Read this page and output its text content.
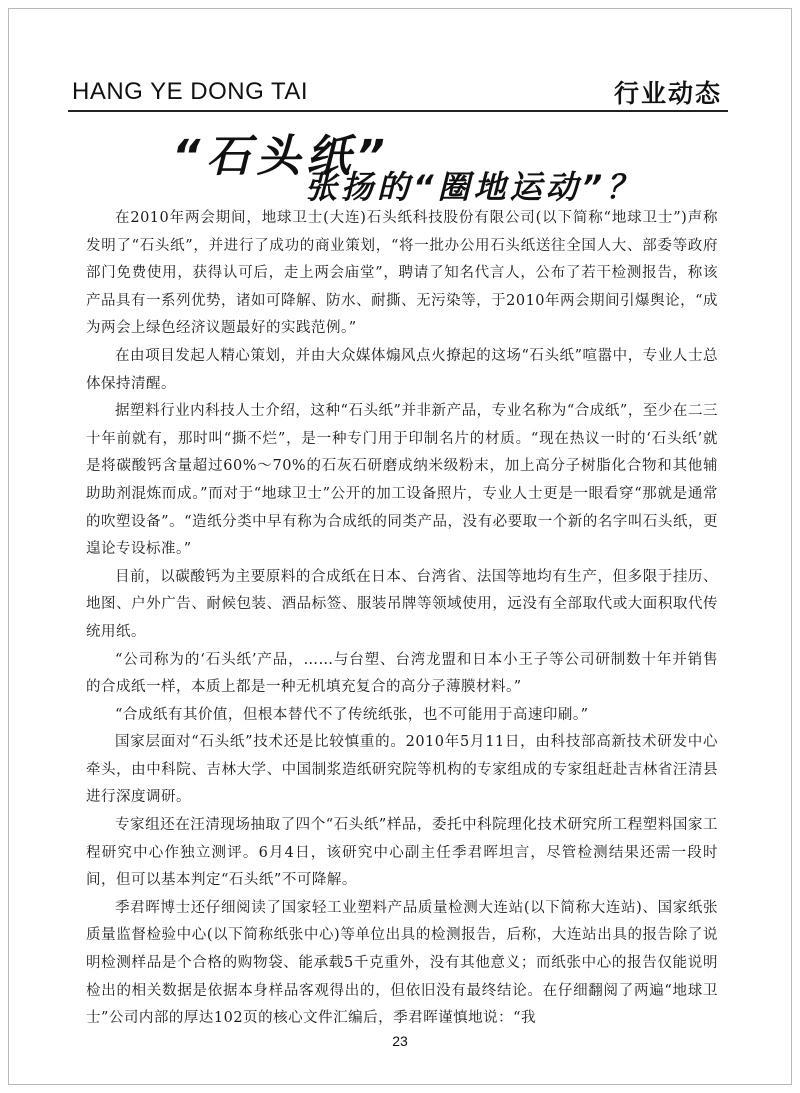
HANG YE DONG TAI	行业动态
“石头纸”
张扬的“圈地运动”？

在2010年两会期间，地球卫士(大连)石头纸科技股份有限公司(以下简称“地球卫士”)声称发明了“石头纸”，并进行了成功的商业策划，“将一批办公用石头纸送往全国人大、部委等政府部门免费使用，获得认可后，走上两会庙堂”，聘请了知名代言人，公布了若干检测报告，称该产品具有一系列优势，诸如可降解、防水、耐撕、无污染等，于2010年两会期间引爆舆论，“成为两会上绿色经济议题最好的实践范例。”

在由项目发起人精心策划，并由大众媒体煽风点火撩起的这场“石头纸”喧嚣中，专业人士总体保持清醒。

据塑料行业内科技人士介绍，这种“石头纸”并非新产品，专业名称为“合成纸”，至少在二三十年前就有，那时叫“撕不烂”，是一种专门用于印制名片的材质。“现在热议一时的‘石头纸’就是将碳酸钙含量超过60%～70%的石灰石研磨成纳米级粉末，加上高分子树脂化合物和其他辅助助剂混炼而成。”而对于“地球卫士”公开的加工设备照片，专业人士更是一眼看穿“那就是通常的吹塑设备”。“造纸分类中早有称为合成纸的同类产品，没有必要取一个新的名字叫石头纸，更遑论专设标准。”

目前，以碳酸钙为主要原料的合成纸在日本、台湾省、法国等地均有生产，但多限于挂历、地图、户外广告、耐候包装、酒品标签、服装吊牌等领域使用，远没有全部取代或大面积取代传统用纸。

“公司称为的‘石头纸’产品，……与台塑、台湾龙盟和日本小王子等公司研制数十年并销售的合成纸一样，本质上都是一种无机填充复合的高分子薄膜材料。”

“合成纸有其价值，但根本替代不了传统纸张，也不可能用于高速印刷。”

国家层面对“石头纸”技术还是比较慎重的。2010年5月11日，由科技部高新技术研发中心牵头，由中科院、吉林大学、中国制浆造纸研究院等机构的专家组成的专家组赶赴吉林省汪清县进行深度调研。

专家组还在汪清现场抽取了四个“石头纸”样品，委托中科院理化技术研究所工程塑料国家工程研究中心作独立测评。6月4日，该研究中心副主任季君晖坦言，尽管检测结果还需一段时间，但可以基本判定“石头纸”不可降解。

季君晖博士还仔细阅读了国家轻工业塑料产品质量检测大连站(以下简称大连站)、国家纸张质量监督检验中心(以下简称纸张中心)等单位出具的检测报告，后称，大连站出具的报告除了说明检测样品是个合格的购物袋、能承载5千克重外，没有其他意义；而纸张中心的报告仅能说明检出的相关数据是依据本身样品客观得出的，但依旧没有最终结论。在仔细翻阅了两遍“地球卫士”公司内部的厚达102页的核心文件汇编后，季君晖谨慎地说：“我

23
